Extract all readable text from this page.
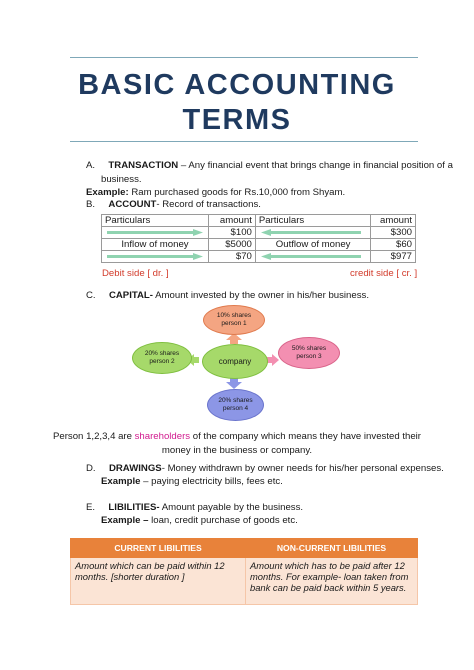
BASIC ACCOUNTING
TERMS
A. TRANSACTION – Any financial event that brings change in financial position of a
business.
Example: Ram purchased goods for Rs.10,000 from Shyam.
B. ACCOUNT- Record of transactions.
Particulars	amount	Particulars	amount
	$100		$300
Inflow of money	$5000	Outflow of money	$60
	$70		$977
Debit side [ dr. ]	credit side [ cr. ]
C. CAPITAL- Amount invested by the owner in his/her business.
10% shares
person 1
20% shares
person 2	company
50% shares
person 3
20% shares
person 4
Person 1,2,3,4 are shareholders of the company which means they have invested their
money in the business or company.
D. DRAWINGS- Money withdrawn by owner needs for his/her personal expenses.
Example – paying electricity bills, fees etc.
E. LIBILITIES- Amount payable by the business.
Example – loan, credit purchase of goods etc.
CURRENT LIBILITIES	NON-CURRENT LIBILITIES
Amount which can be paid within 12
months. [shorter duration ]	Amount which has to be paid after 12
months. For example- loan taken from
bank can be paid back within 5 years.
